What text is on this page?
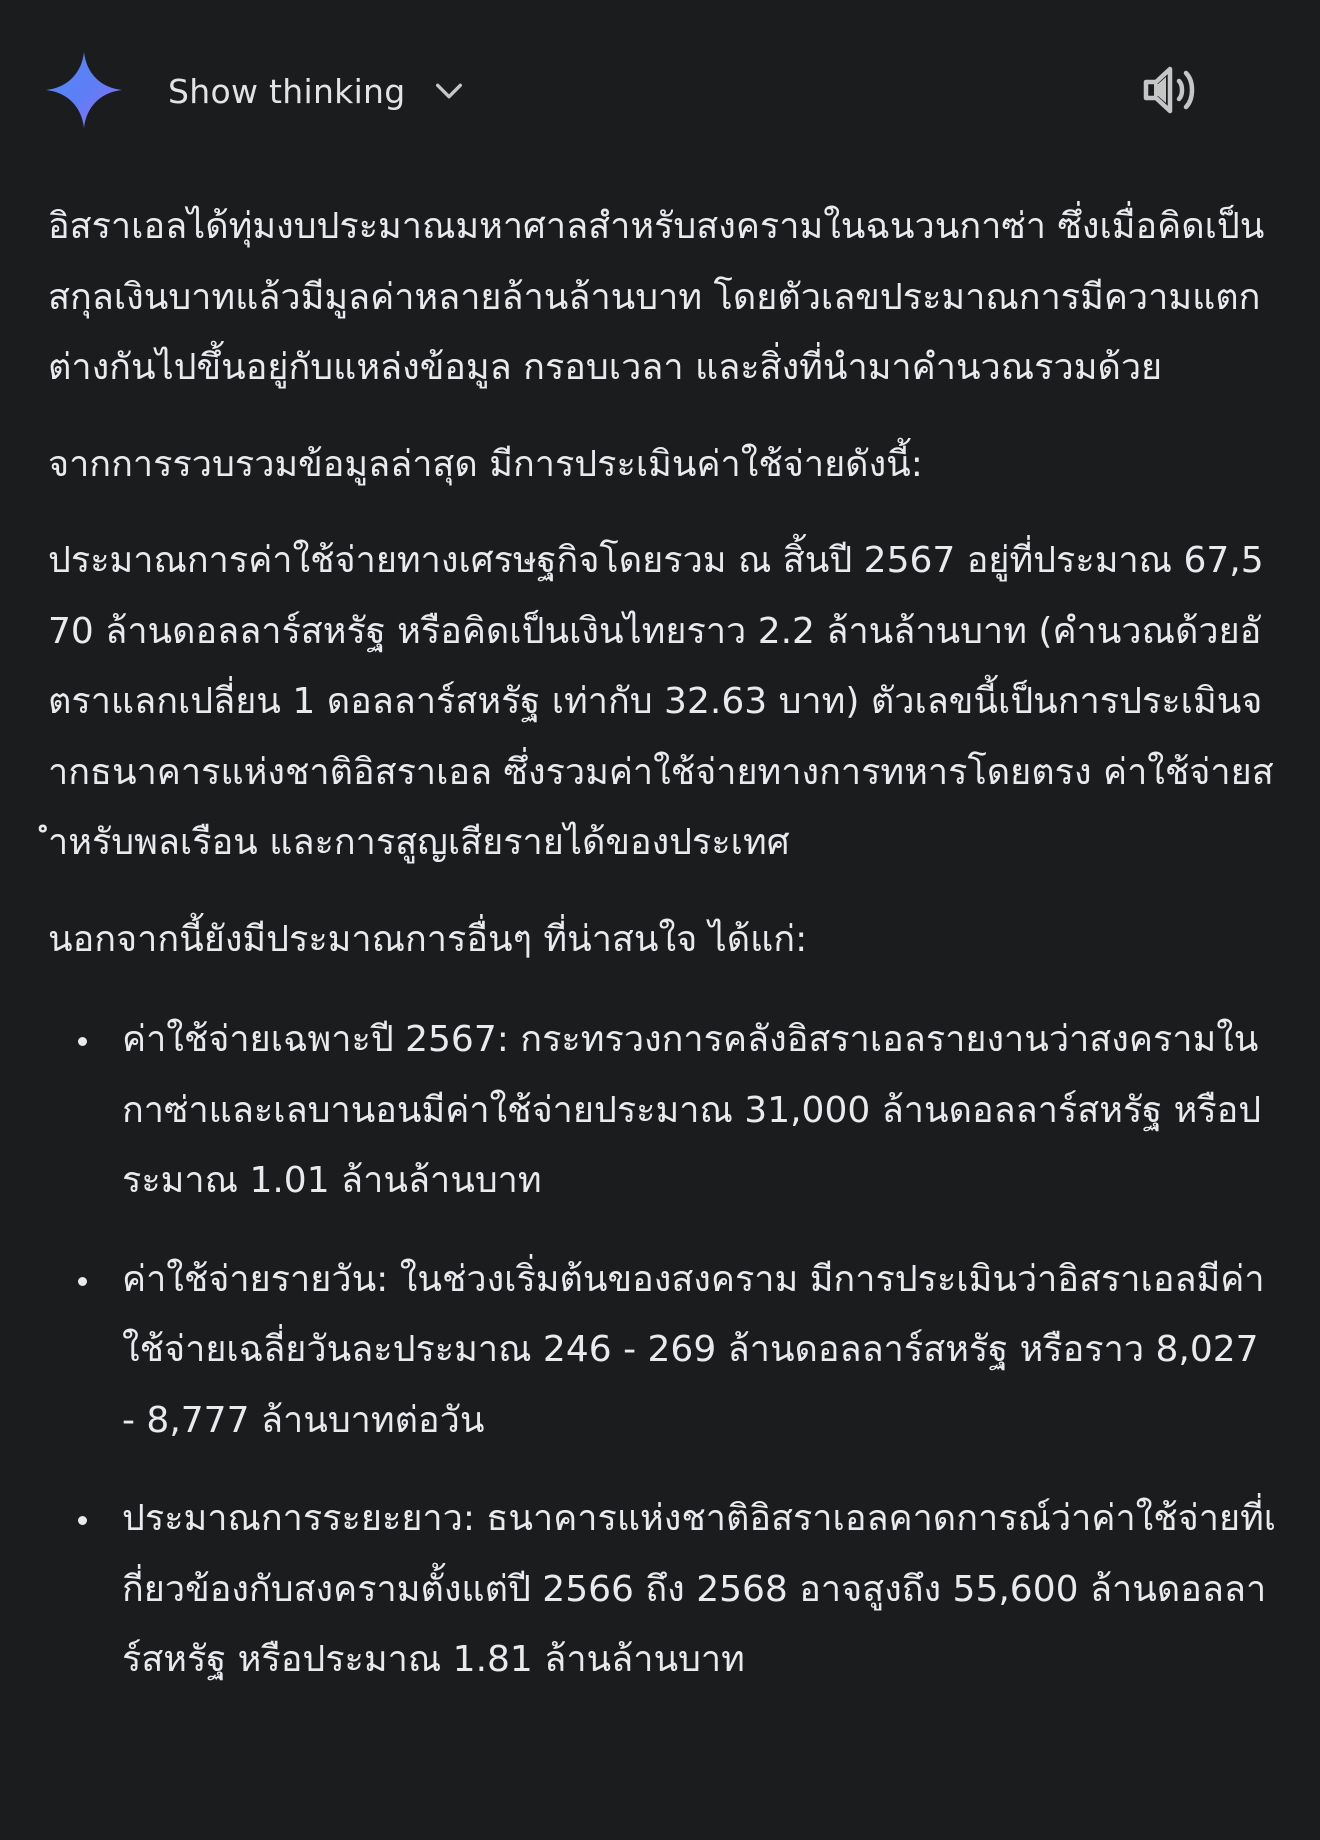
Show thinking

อิสราเอลได้ทุ่มงบประมาณมหาศาลสำหรับสงครามในฉนวนกาซ่า ซึ่งเมื่อคิดเป็นสกุลเงินบาทแล้วมีมูลค่าหลายล้านล้านบาท โดยตัวเลขประมาณการมีความแตกต่างกันไปขึ้นอยู่กับแหล่งข้อมูล กรอบเวลา และสิ่งที่นำมาคำนวณรวมด้วย

จากการรวบรวมข้อมูลล่าสุด มีการประเมินค่าใช้จ่ายดังนี้:

ประมาณการค่าใช้จ่ายทางเศรษฐกิจโดยรวม ณ สิ้นปี 2567 อยู่ที่ประมาณ 67,570 ล้านดอลลาร์สหรัฐ หรือคิดเป็นเงินไทยราว 2.2 ล้านล้านบาท (คำนวณด้วยอัตราแลกเปลี่ยน 1 ดอลลาร์สหรัฐ เท่ากับ 32.63 บาท) ตัวเลขนี้เป็นการประเมินจากธนาคารแห่งชาติอิสราเอล ซึ่งรวมค่าใช้จ่ายทางการทหารโดยตรง ค่าใช้จ่ายสำหรับพลเรือน และการสูญเสียรายได้ของประเทศ

นอกจากนี้ยังมีประมาณการอื่นๆ ที่น่าสนใจ ได้แก่:

ค่าใช้จ่ายเฉพาะปี 2567: กระทรวงการคลังอิสราเอลรายงานว่าสงครามในกาซ่าและเลบานอนมีค่าใช้จ่ายประมาณ 31,000 ล้านดอลลาร์สหรัฐ หรือประมาณ 1.01 ล้านล้านบาท
ค่าใช้จ่ายรายวัน: ในช่วงเริ่มต้นของสงคราม มีการประเมินว่าอิสราเอลมีค่าใช้จ่ายเฉลี่ยวันละประมาณ 246 - 269 ล้านดอลลาร์สหรัฐ หรือราว 8,027 - 8,777 ล้านบาทต่อวัน
ประมาณการระยะยาว: ธนาคารแห่งชาติอิสราเอลคาดการณ์ว่าค่าใช้จ่ายที่เกี่ยวข้องกับสงครามตั้งแต่ปี 2566 ถึง 2568 อาจสูงถึง 55,600 ล้านดอลลาร์สหรัฐ หรือประมาณ 1.81 ล้านล้านบาท
